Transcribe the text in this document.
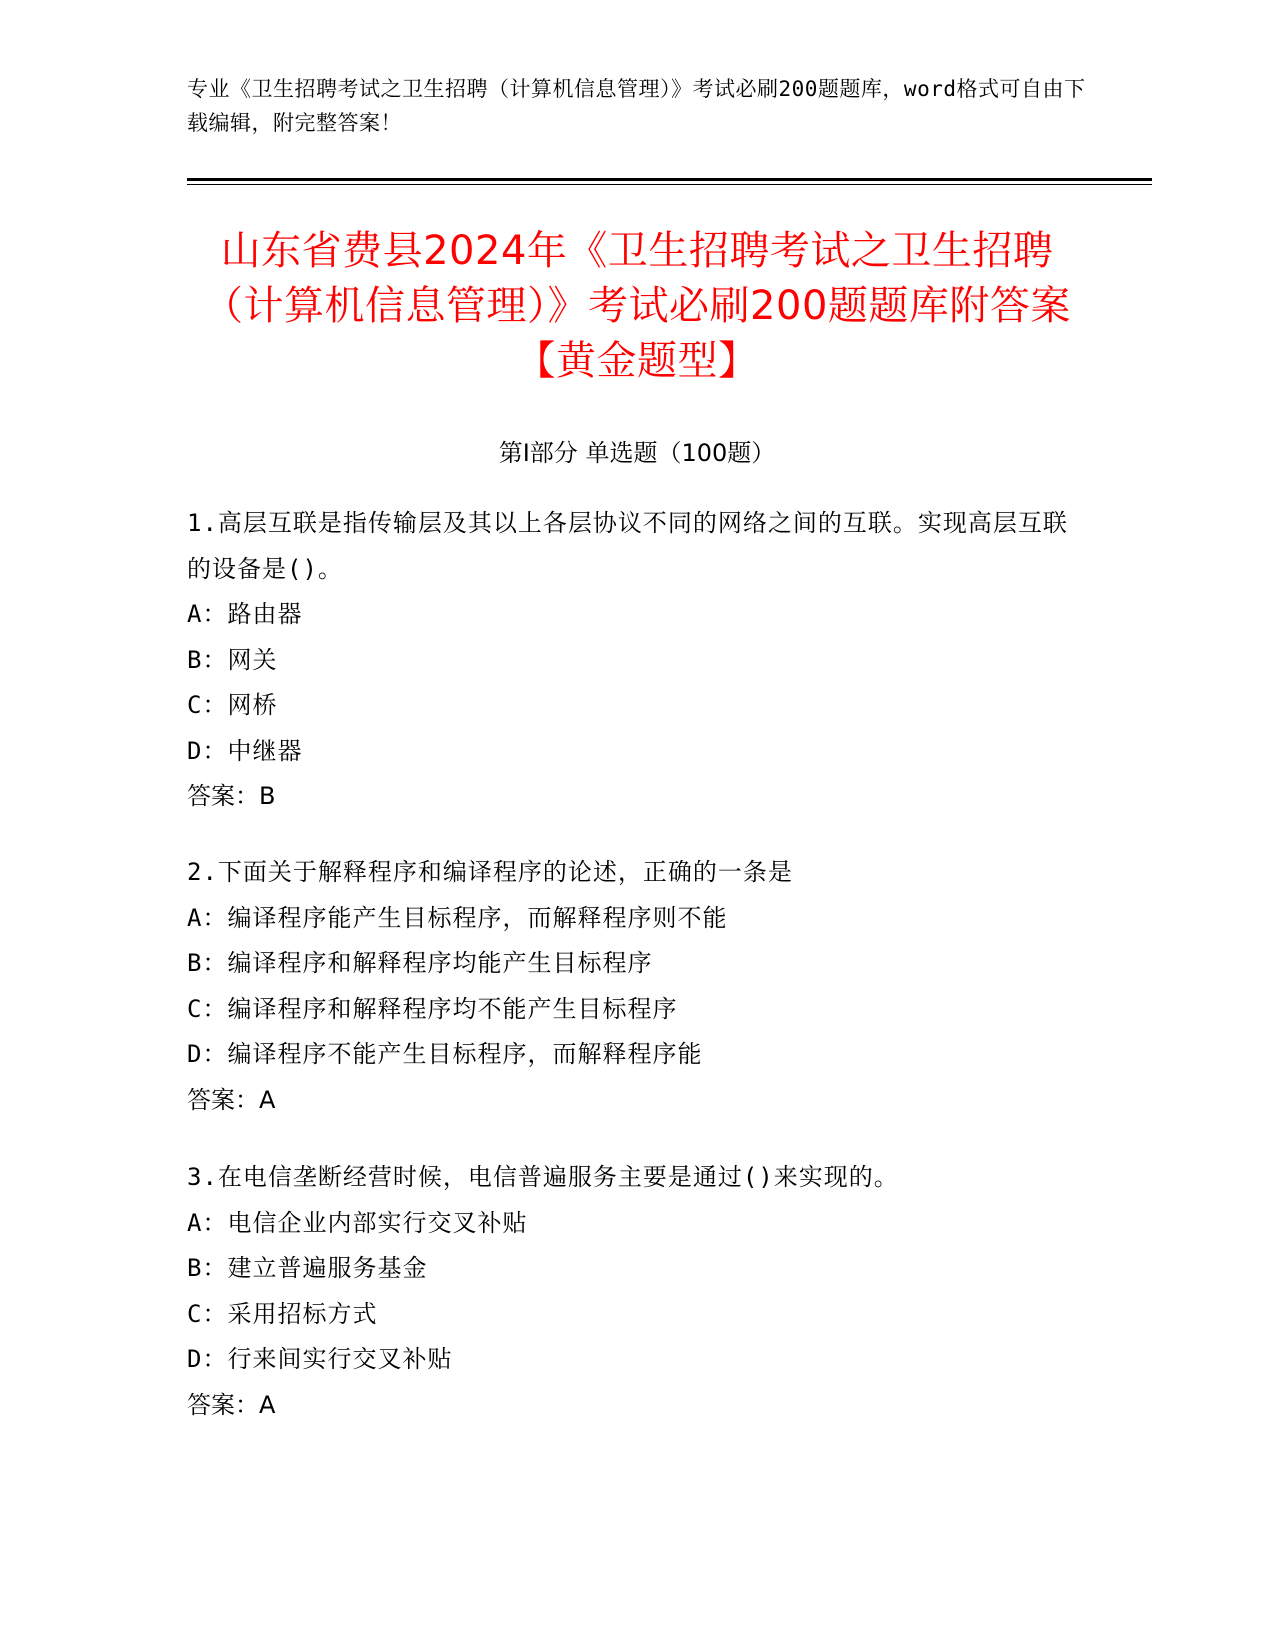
专业《卫生招聘考试之卫生招聘（计算机信息管理）》考试必刷200题题库，word格式可自由下载编辑，附完整答案！
山东省费县2024年《卫生招聘考试之卫生招聘（计算机信息管理）》考试必刷200题题库附答案【黄金题型】
第I部分 单选题（100题）
1.高层互联是指传输层及其以上各层协议不同的网络之间的互联。实现高层互联的设备是()。
A：路由器
B：网关
C：网桥
D：中继器
答案：B
2.下面关于解释程序和编译程序的论述，正确的一条是
A：编译程序能产生目标程序，而解释程序则不能
B：编译程序和解释程序均能产生目标程序
C：编译程序和解释程序均不能产生目标程序
D：编译程序不能产生目标程序，而解释程序能
答案：A
3.在电信垄断经营时候，电信普遍服务主要是通过()来实现的。
A：电信企业内部实行交叉补贴
B：建立普遍服务基金
C：采用招标方式
D：行来间实行交叉补贴
答案：A
